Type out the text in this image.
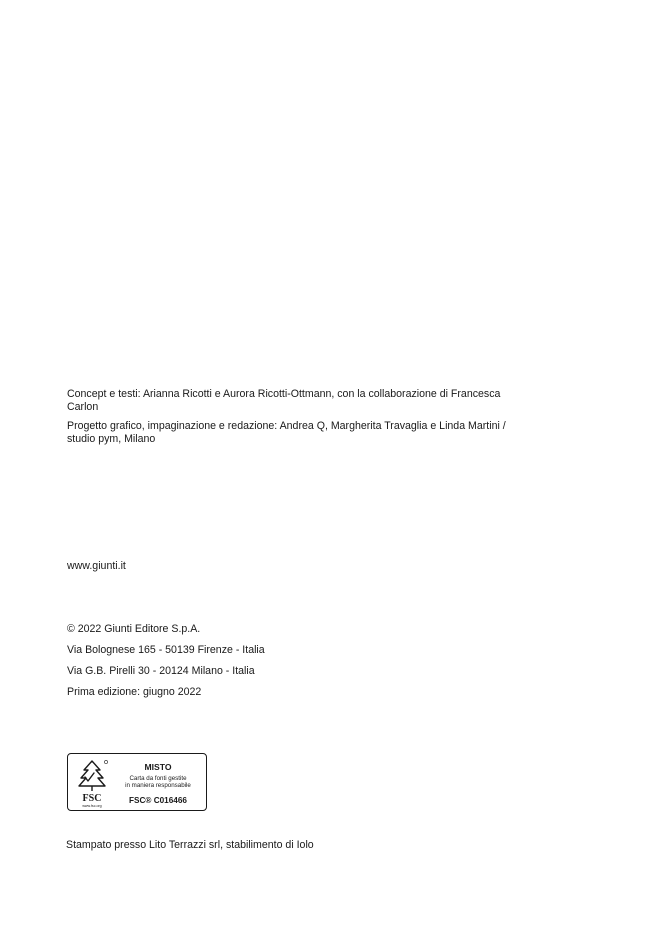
Concept e testi: Arianna Ricotti e Aurora Ricotti-Ottmann, con la collaborazione di Francesca Carlon

Progetto grafico, impaginazione e redazione: Andrea Q, Margherita Travaglia e Linda Martini / studio pym, Milano

www.giunti.it

© 2022 Giunti Editore S.p.A.

Via Bolognese 165 - 50139 Firenze - Italia

Via G.B. Pirelli 30 - 20124 Milano - Italia

Prima edizione: giugno 2022

FSC
www.fsc.org
MISTO
Carta da fonti gestite
in maniera responsabile
FSC® C016466
Stampato presso Lito Terrazzi srl, stabilimento di Iolo
